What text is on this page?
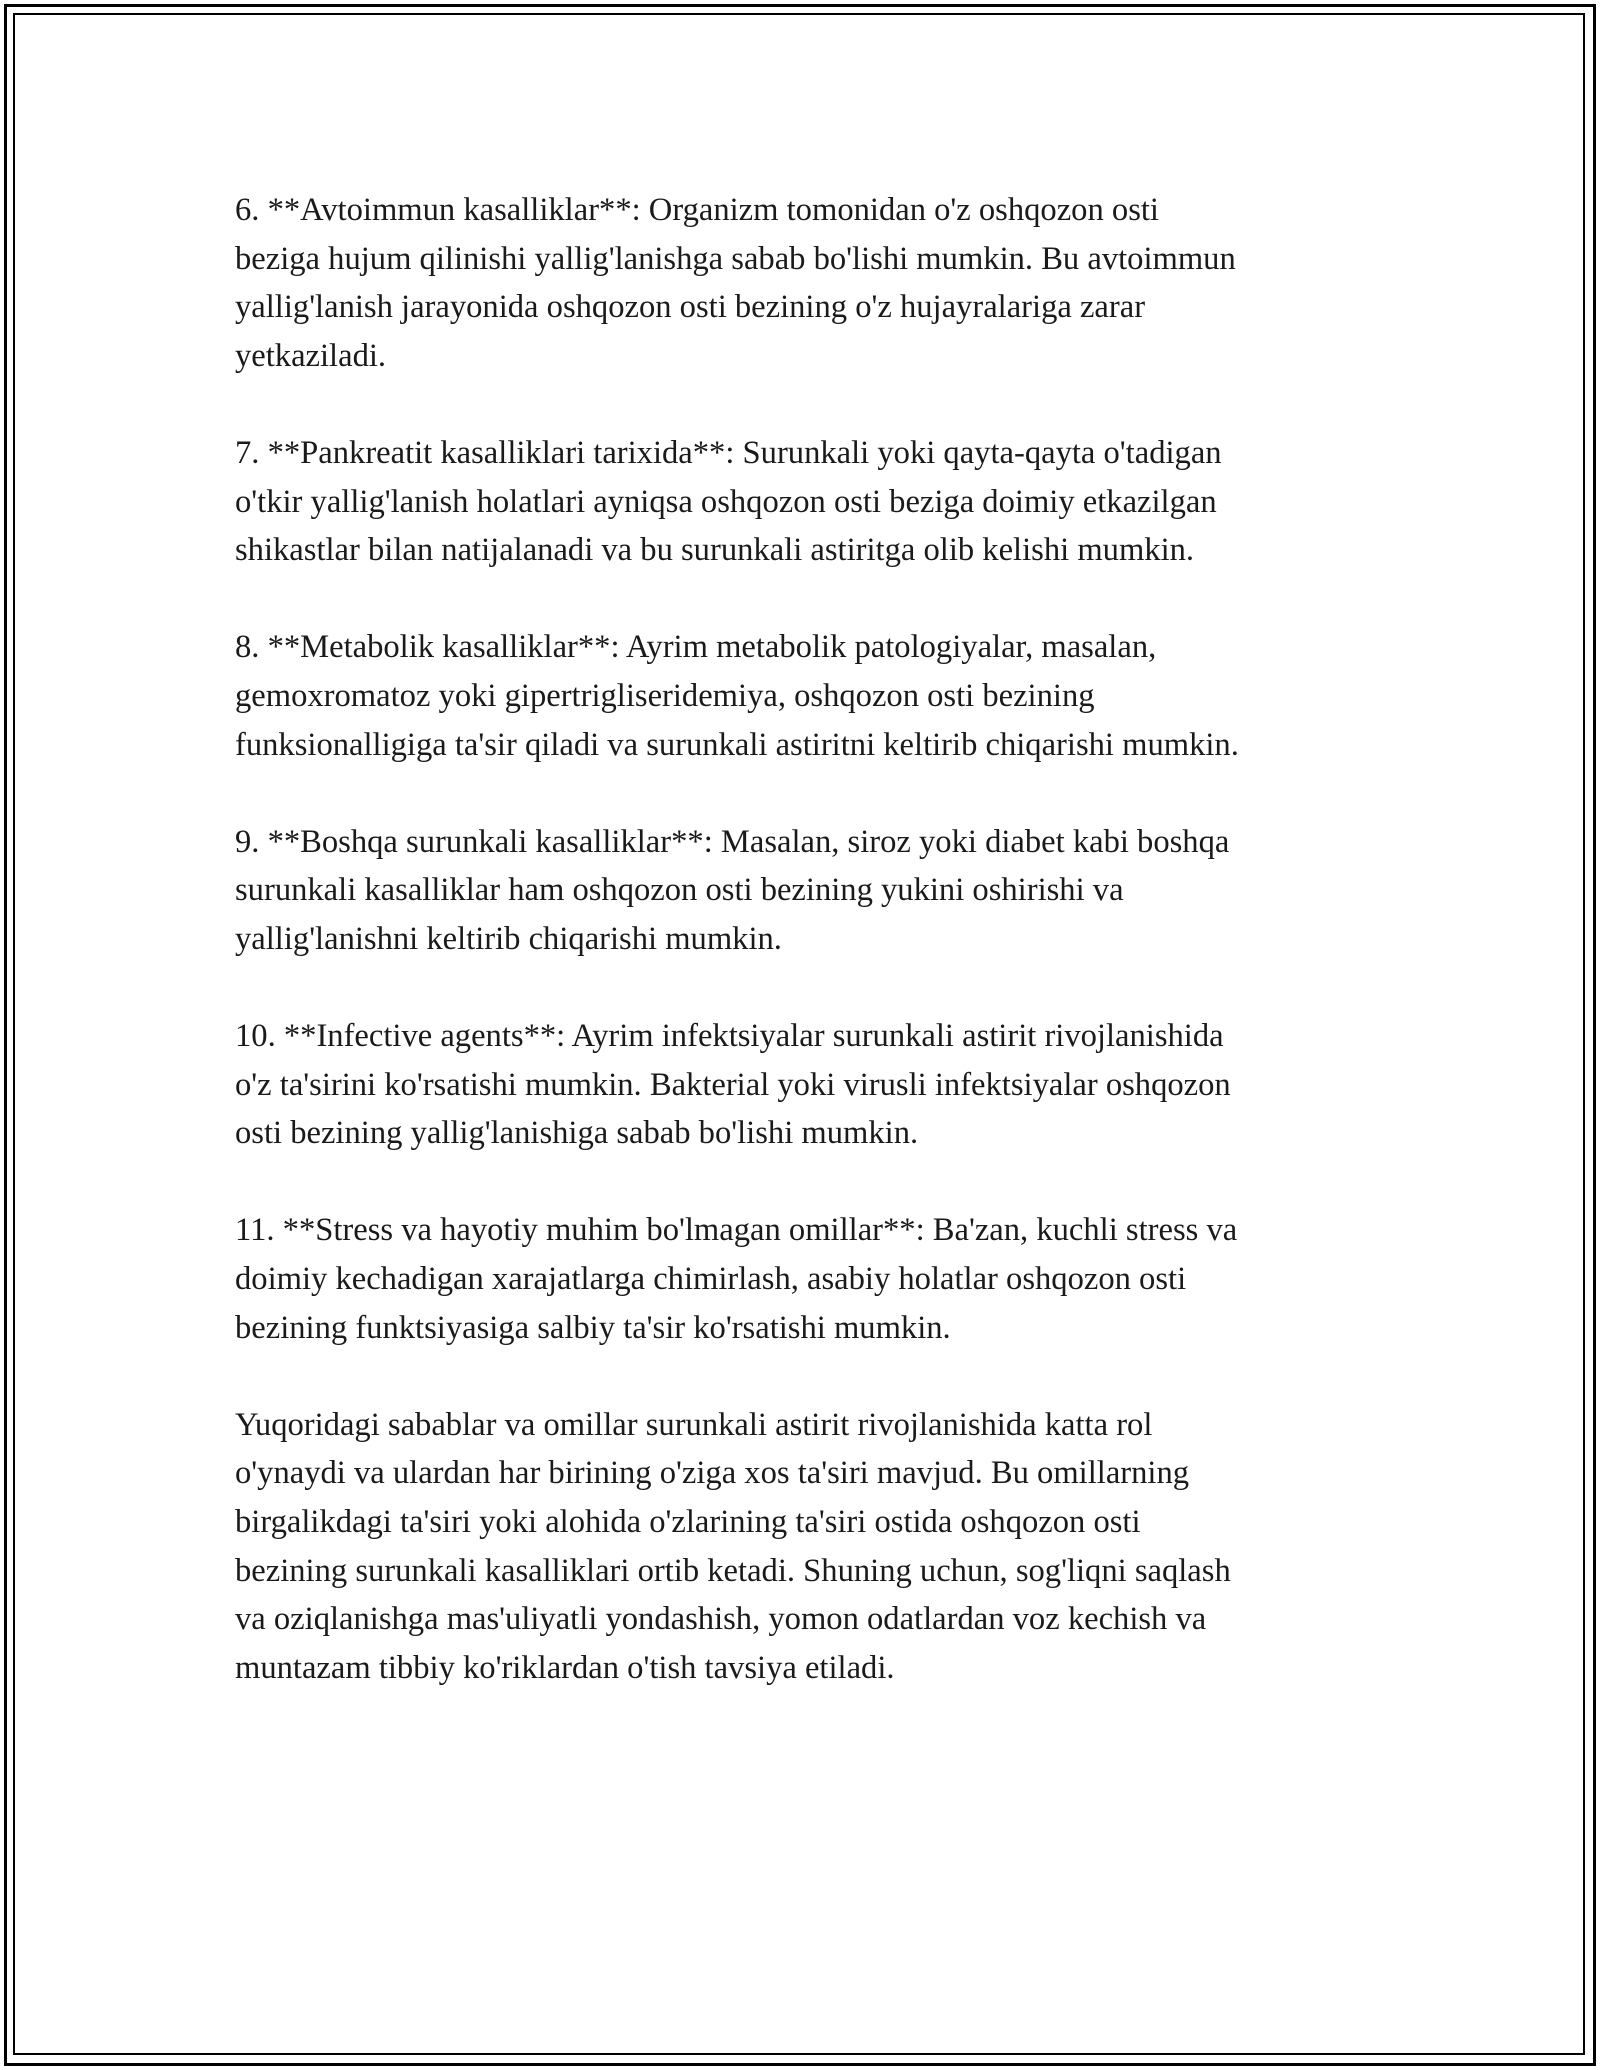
6. **Avtoimmun kasalliklar**: Organizm tomonidan o'z oshqozon osti
beziga hujum qilinishi yallig'lanishga sabab bo'lishi mumkin. Bu avtoimmun
yallig'lanish jarayonida oshqozon osti bezining o'z hujayralariga zarar
yetkaziladi.

7. **Pankreatit kasalliklari tarixida**: Surunkali yoki qayta-qayta o'tadigan
o'tkir yallig'lanish holatlari ayniqsa oshqozon osti beziga doimiy etkazilgan
shikastlar bilan natijalanadi va bu surunkali astiritga olib kelishi mumkin.

8. **Metabolik kasalliklar**: Ayrim metabolik patologiyalar, masalan,
gemoxromatoz yoki gipertrigliseridemiya, oshqozon osti bezining
funksionalligiga ta'sir qiladi va surunkali astiritni keltirib chiqarishi mumkin.

9. **Boshqa surunkali kasalliklar**: Masalan, siroz yoki diabet kabi boshqa
surunkali kasalliklar ham oshqozon osti bezining yukini oshirishi va
yallig'lanishni keltirib chiqarishi mumkin.

10. **Infective agents**: Ayrim infektsiyalar surunkali astirit rivojlanishida
o'z ta'sirini ko'rsatishi mumkin. Bakterial yoki virusli infektsiyalar oshqozon
osti bezining yallig'lanishiga sabab bo'lishi mumkin.

11. **Stress va hayotiy muhim bo'lmagan omillar**: Ba'zan, kuchli stress va
doimiy kechadigan xarajatlarga chimirlash, asabiy holatlar oshqozon osti
bezining funktsiyasiga salbiy ta'sir ko'rsatishi mumkin.

Yuqoridagi sabablar va omillar surunkali astirit rivojlanishida katta rol
o'ynaydi va ulardan har birining o'ziga xos ta'siri mavjud. Bu omillarning
birgalikdagi ta'siri yoki alohida o'zlarining ta'siri ostida oshqozon osti
bezining surunkali kasalliklari ortib ketadi. Shuning uchun, sog'liqni saqlash
va oziqlanishga mas'uliyatli yondashish, yomon odatlardan voz kechish va
muntazam tibbiy ko'riklardan o'tish tavsiya etiladi.
